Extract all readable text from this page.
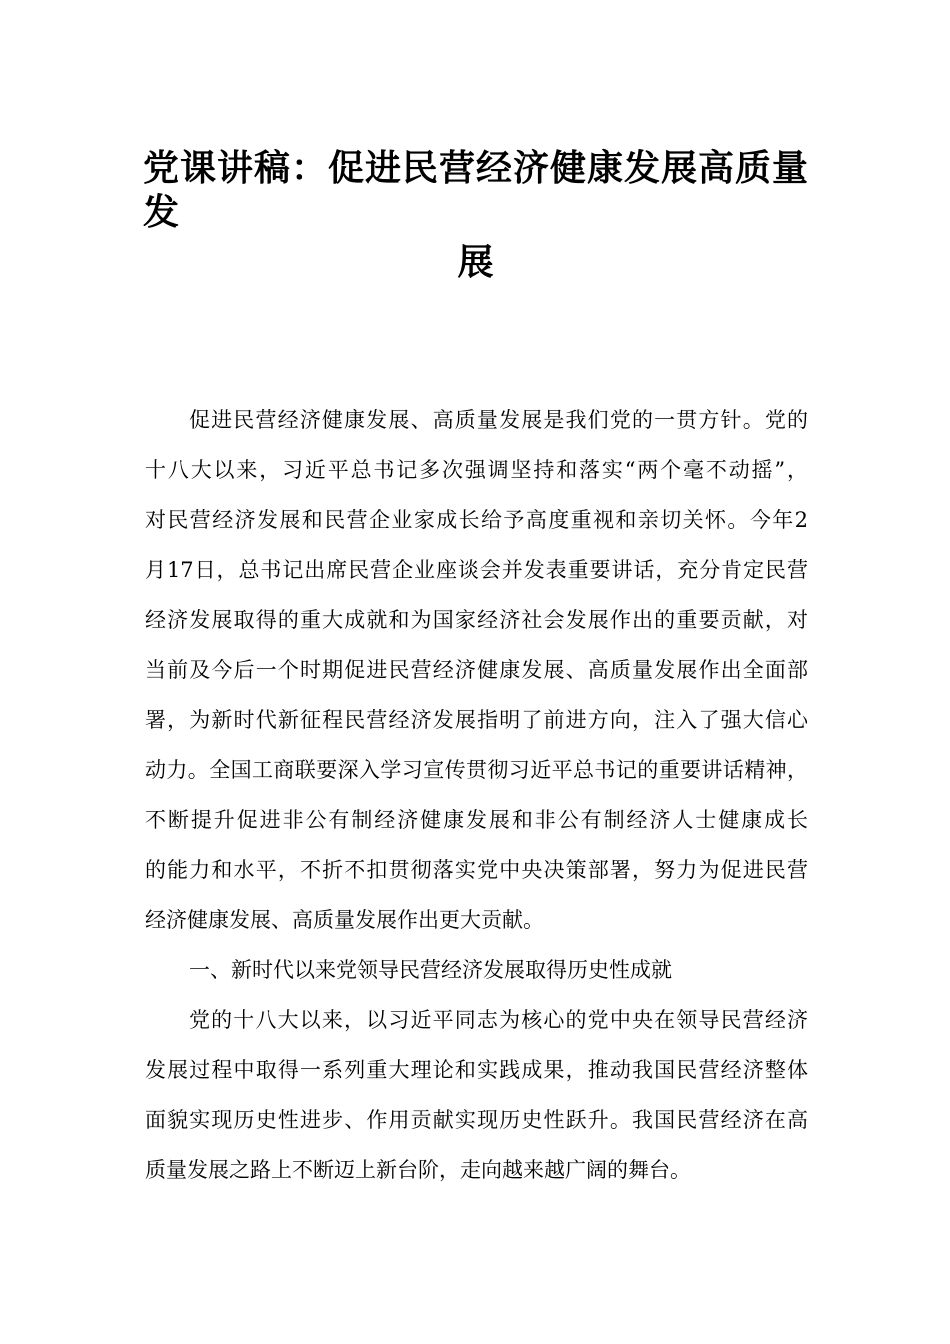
党课讲稿：促进民营经济健康发展高质量发
展
促进民营经济健康发展、高质量发展是我们党的一贯方针。党的
十八大以来，习近平总书记多次强调坚持和落实“两个毫不动摇”，
对民营经济发展和民营企业家成长给予高度重视和亲切关怀。今年2
月17日，总书记出席民营企业座谈会并发表重要讲话，充分肯定民营
经济发展取得的重大成就和为国家经济社会发展作出的重要贡献，对
当前及今后一个时期促进民营经济健康发展、高质量发展作出全面部
署，为新时代新征程民营经济发展指明了前进方向，注入了强大信心
动力。全国工商联要深入学习宣传贯彻习近平总书记的重要讲话精神，
不断提升促进非公有制经济健康发展和非公有制经济人士健康成长
的能力和水平，不折不扣贯彻落实党中央决策部署，努力为促进民营
经济健康发展、高质量发展作出更大贡献。
一、新时代以来党领导民营经济发展取得历史性成就
党的十八大以来，以习近平同志为核心的党中央在领导民营经济
发展过程中取得一系列重大理论和实践成果，推动我国民营经济整体
面貌实现历史性进步、作用贡献实现历史性跃升。我国民营经济在高
质量发展之路上不断迈上新台阶，走向越来越广阔的舞台。
